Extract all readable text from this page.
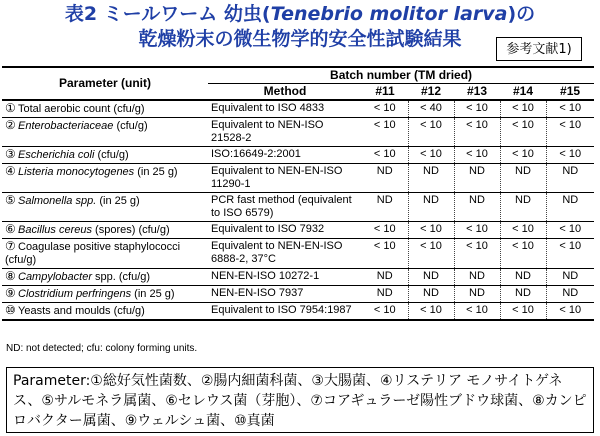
表2 ミールワーム 幼虫(Tenebrio molitor larva)の
乾燥粉末の微生物学的安全性試験結果	参考文献1)
Parameter (unit)	Batch number (TM dried)					
	Method	#11	#12	#13	#14	#15
① Total aerobic count (cfu/g)	Equivalent to ISO 4833	< 10	< 40	< 10	< 10	< 10
② Enterobacteriaceae (cfu/g)	Equivalent to NEN-ISO 21528-2	< 10	< 10	< 10	< 10	< 10
③ Escherichia coli (cfu/g)	ISO:16649-2:2001	< 10	< 10	< 10	< 10	< 10
④ Listeria monocytogenes (in 25 g)	Equivalent to NEN-EN-ISO 11290-1	ND	ND	ND	ND	ND
⑤ Salmonella spp. (in 25 g)	PCR fast method (equivalent to ISO 6579)	ND	ND	ND	ND	ND
⑥ Bacillus cereus (spores) (cfu/g)	Equivalent to ISO 7932	< 10	< 10	< 10	< 10	< 10
⑦ Coagulase positive staphylococci (cfu/g)	Equivalent to NEN-EN-ISO 6888-2, 37°C	< 10	< 10	< 10	< 10	< 10
⑧ Campylobacter spp. (cfu/g)	NEN-EN-ISO 10272-1	ND	ND	ND	ND	ND
⑨ Clostridium perfringens (in 25 g)	NEN-EN-ISO 7937	ND	ND	ND	ND	ND
⑩ Yeasts and moulds (cfu/g)	Equivalent to ISO 7954:1987	< 10	< 10	< 10	< 10	< 10
ND: not detected; cfu: colony forming units.
Parameter:①総好気性菌数、②腸内細菌科菌、③大腸菌、④リステリア モノサイトゲネス、⑤サルモネラ属菌、⑥セレウス菌（芽胞）、⑦コアギュラーゼ陽性ブドウ球菌、⑧カンピロバクター属菌、⑨ウェルシュ菌、⑩真菌
